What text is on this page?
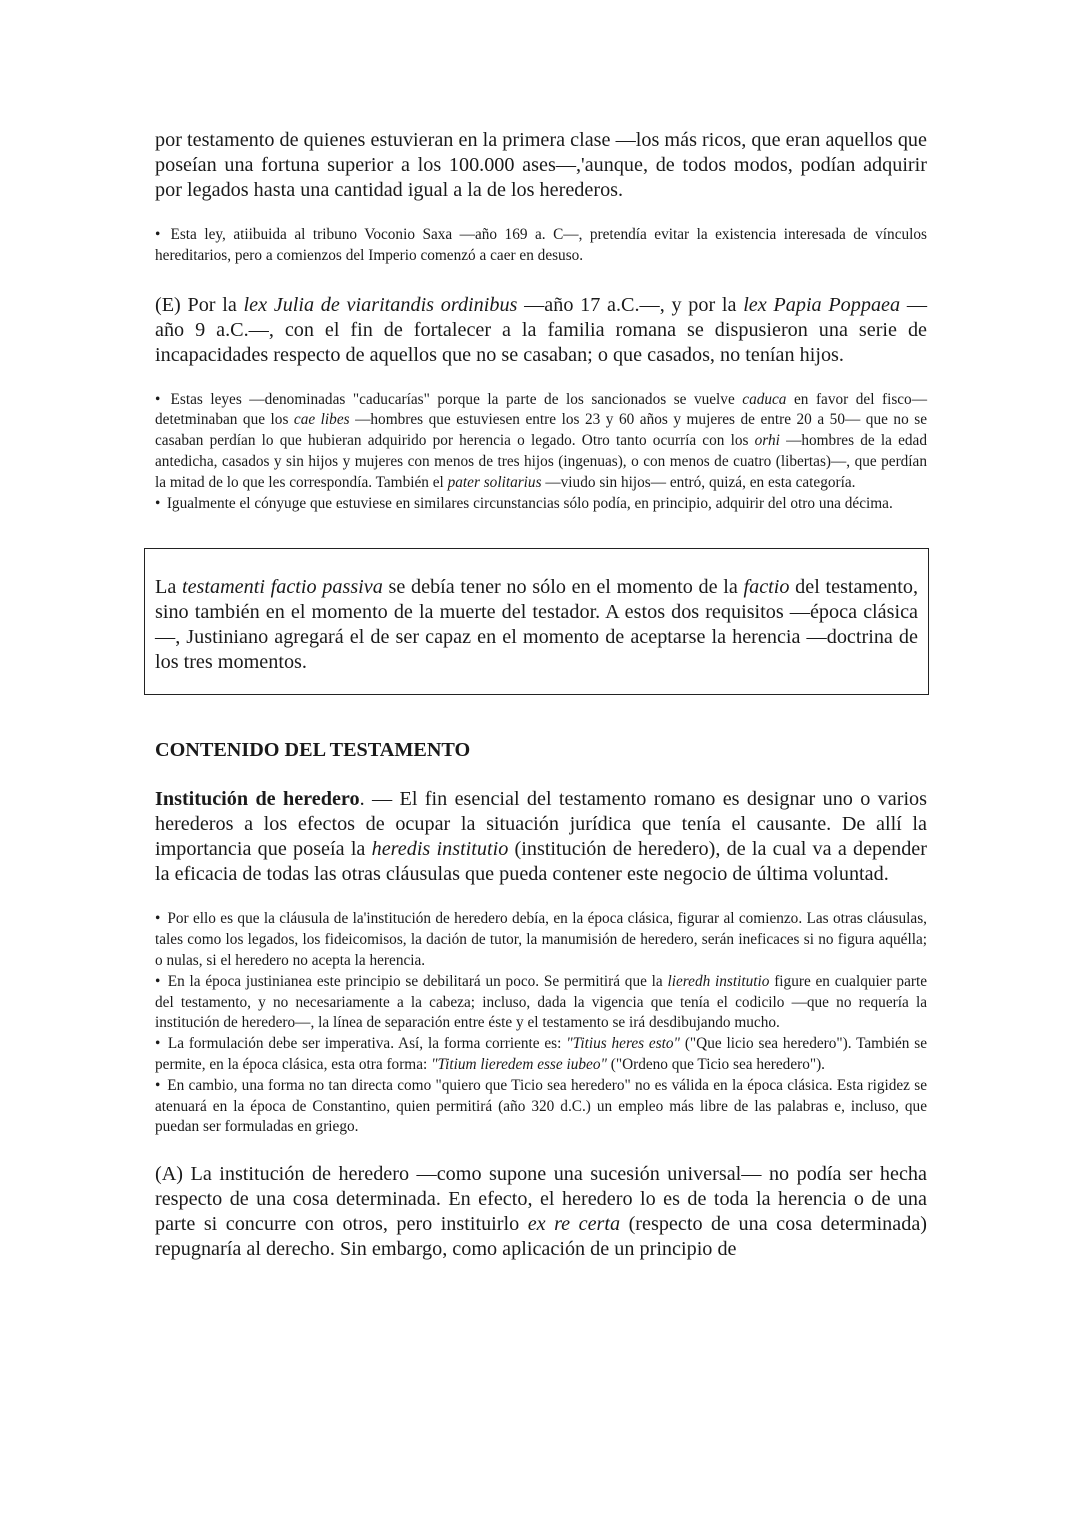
por testamento de quienes estuvieran en la primera clase —los más ricos, que eran aquellos que poseían una fortuna superior a los 100.000 ases—,'aunque, de todos modos, podían adquirir por legados hasta una cantidad igual a la de los herederos.

• Esta ley, atiibuida al tribuno Voconio Saxa —año 169 a. C—, pretendía evitar la existencia interesada de vínculos hereditarios, pero a comienzos del Imperio comenzó a caer en desuso.

(E) Por la lex Julia de viaritandis ordinibus —año 17 a.C.—, y por la lex Papia Poppaea —año 9 a.C.—, con el fin de fortalecer a la familia romana se dispusieron una serie de incapacidades respecto de aquellos que no se casaban; o que casados, no tenían hijos.

• Estas leyes —denominadas "caducarías" porque la parte de los sancionados se vuelve caduca en favor del fisco— detetminaban que los cae libes —hombres que estuviesen entre los 23 y 60 años y mujeres de entre 20 a 50— que no se casaban perdían lo que hubieran adquirido por herencia o legado. Otro tanto ocurría con los orhi —hombres de la edad antedicha, casados y sin hijos y mujeres con menos de tres hijos (ingenuas), o con menos de cuatro (libertas)—, que perdían la mitad de lo que les correspondía. También el pater solitarius —viudo sin hijos— entró, quizá, en esta categoría.

• Igualmente el cónyuge que estuviese en similares circunstancias sólo podía, en principio, adquirir del otro una décima.

La testamenti factio passiva se debía tener no sólo en el momento de la factio del testamento, sino también en el momento de la muerte del testador. A estos dos requisitos —época clásica—, Justiniano agregará el de ser capaz en el momento de aceptarse la herencia —doctrina de los tres momentos.

CONTENIDO DEL TESTAMENTO

Institución de heredero. — El fin esencial del testamento romano es designar uno o varios herederos a los efectos de ocupar la situación jurídica que tenía el causante. De allí la importancia que poseía la heredis institutio (institución de heredero), de la cual va a depender la eficacia de todas las otras cláusulas que pueda contener este negocio de última voluntad.

• Por ello es que la cláusula de la'institución de heredero debía, en la época clásica, figurar al comienzo. Las otras cláusulas, tales como los legados, los fideicomisos, la dación de tutor, la manumisión de heredero, serán ineficaces si no figura aquélla; o nulas, si el heredero no acepta la herencia.

• En la época justinianea este principio se debilitará un poco. Se permitirá que la lieredh institutio figure en cualquier parte del testamento, y no necesariamente a la cabeza; incluso, dada la vigencia que tenía el codicilo —que no requería la institución de heredero—, la línea de separación entre éste y el testamento se irá desdibujando mucho.

• La formulación debe ser imperativa. Así, la forma corriente es: "Titius heres esto" ("Que licio sea heredero"). También se permite, en la época clásica, esta otra forma: "Titium lieredem esse iubeo" ("Ordeno que Ticio sea heredero").

• En cambio, una forma no tan directa como "quiero que Ticio sea heredero" no es válida en la época clásica. Esta rigidez se atenuará en la época de Constantino, quien permitirá (año 320 d.C.) un empleo más libre de las palabras e, incluso, que puedan ser formuladas en griego.

(A) La institución de heredero —como supone una sucesión universal— no podía ser hecha respecto de una cosa determinada. En efecto, el heredero lo es de toda la herencia o de una parte si concurre con otros, pero instituirlo ex re certa (respecto de una cosa determinada) repugnaría al derecho. Sin embargo, como aplicación de un principio de
